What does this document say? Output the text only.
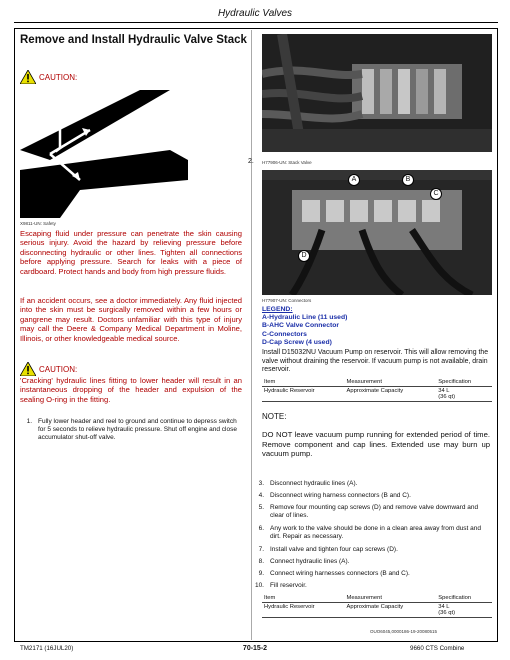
Hydraulic Valves
Remove and Install Hydraulic Valve Stack
CAUTION:
X9811-UN: Safety
Escaping fluid under pressure can penetrate the skin causing serious injury. Avoid the hazard by relieving pressure before disconnecting hydraulic or other lines. Tighten all connections before applying pressure. Search for leaks with a piece of cardboard. Protect hands and body from high pressure fluids.
If an accident occurs, see a doctor immediately. Any fluid injected into the skin must be surgically removed within a few hours or gangrene may result. Doctors unfamiliar with this type of injury may call the Deere & Company Medical Department in Moline, Illinois, or other knowledgeable medical source.
CAUTION:
'Cracking' hydraulic lines fitting to lower header will result in an instantaneous dropping of the header and expulsion of the sealing O-ring in the fitting.
1. Fully lower header and reel to ground and continue to depress switch for 5 seconds to relieve hydraulic pressure. Shut off engine and close accumulator shut-off valve.
2. H77906-UN: Stack Valve
A	B
C
D
H77907-UN: Connectors
LEGEND:
A-Hydraulic Line (11 used)
B-AHC Valve Connector
C-Connectors
D-Cap Screw (4 used)
Install D15032NU Vacuum Pump on reservoir. This will allow removing the valve without draining the reservoir. If vacuum pump is not available, drain reservoir.
Item	Measurement	Specification
Hydraulic Reservoir	Approximate Capacity	34 L
(36 qt)
NOTE:
DO NOT leave vacuum pump running for extended period of time. Remove component and cap lines. Extended use may burn up vacuum pump.
3. Disconnect hydraulic lines (A).
4. Disconnect wiring harness connectors (B and C).
5. Remove four mounting cap screws (D) and remove valve downward and clear of lines.
6. Any work to the valve should be done in a clean area away from dust and dirt. Repair as necessary.
7. Install valve and tighten four cap screws (D).
8. Connect hydraulic lines (A).
9. Connect wiring harnesses connectors (B and C).
10. Fill reservoir.
Item	Measurement	Specification
Hydraulic Reservoir	Approximate Capacity	34 L
(36 qt)
OUO6045,0000186-19-20080515
TM2171 (16JUL20)	70-15-2	9660 CTS Combine
